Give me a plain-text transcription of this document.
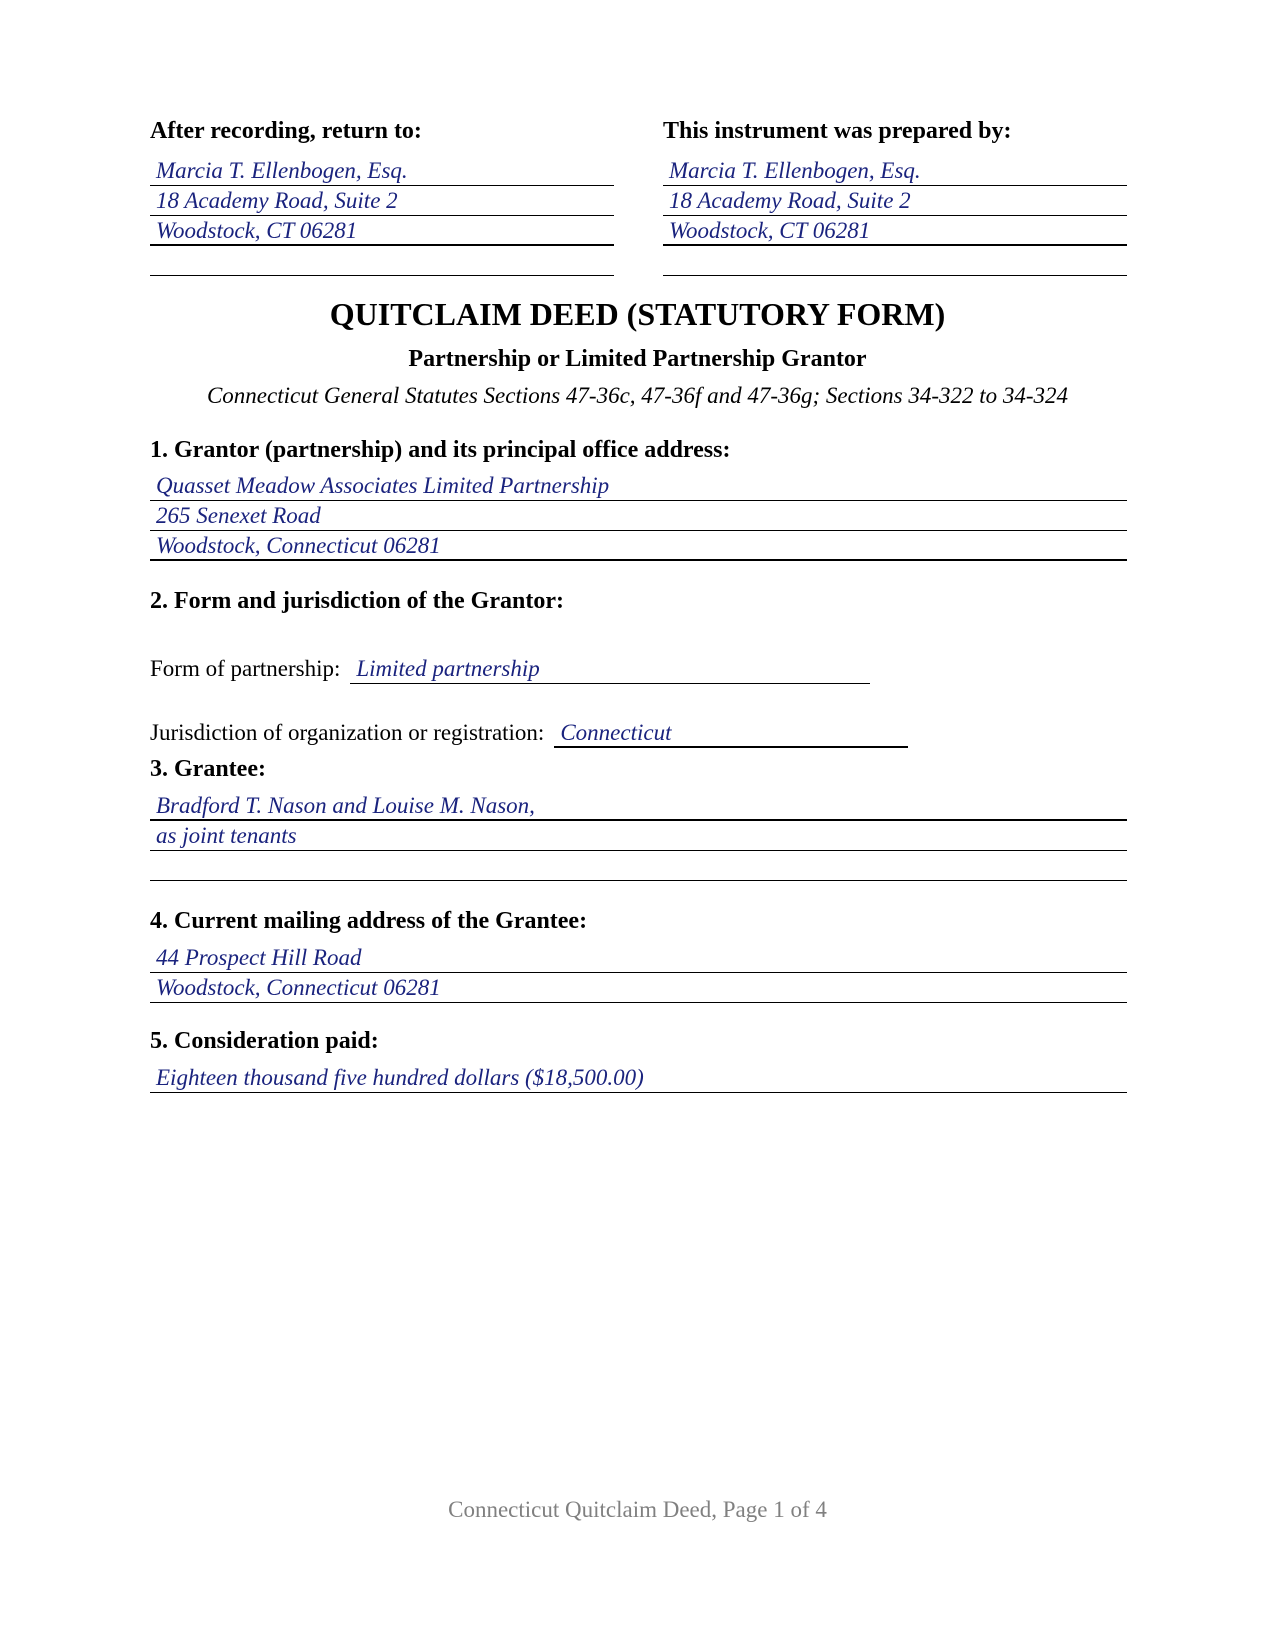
After recording, return to:	This instrument was prepared by:
Marcia T. Ellenbogen, Esq.
18 Academy Road, Suite 2
Woodstock, CT 06281
Marcia T. Ellenbogen, Esq.
18 Academy Road, Suite 2
Woodstock, CT 06281
QUITCLAIM DEED (STATUTORY FORM)
Partnership or Limited Partnership Grantor
Connecticut General Statutes Sections 47-36c, 47-36f and 47-36g; Sections 34-322 to 34-324
1. Grantor (partnership) and its principal office address:
Quasset Meadow Associates Limited Partnership
265 Senexet Road
Woodstock, Connecticut 06281
2. Form and jurisdiction of the Grantor:
Form of partnership: Limited partnership
Jurisdiction of organization or registration: Connecticut
3. Grantee:
Bradford T. Nason and Louise M. Nason,
as joint tenants
4. Current mailing address of the Grantee:
44 Prospect Hill Road
Woodstock, Connecticut 06281
5. Consideration paid:
Eighteen thousand five hundred dollars ($18,500.00)
Connecticut Quitclaim Deed, Page 1 of 4
